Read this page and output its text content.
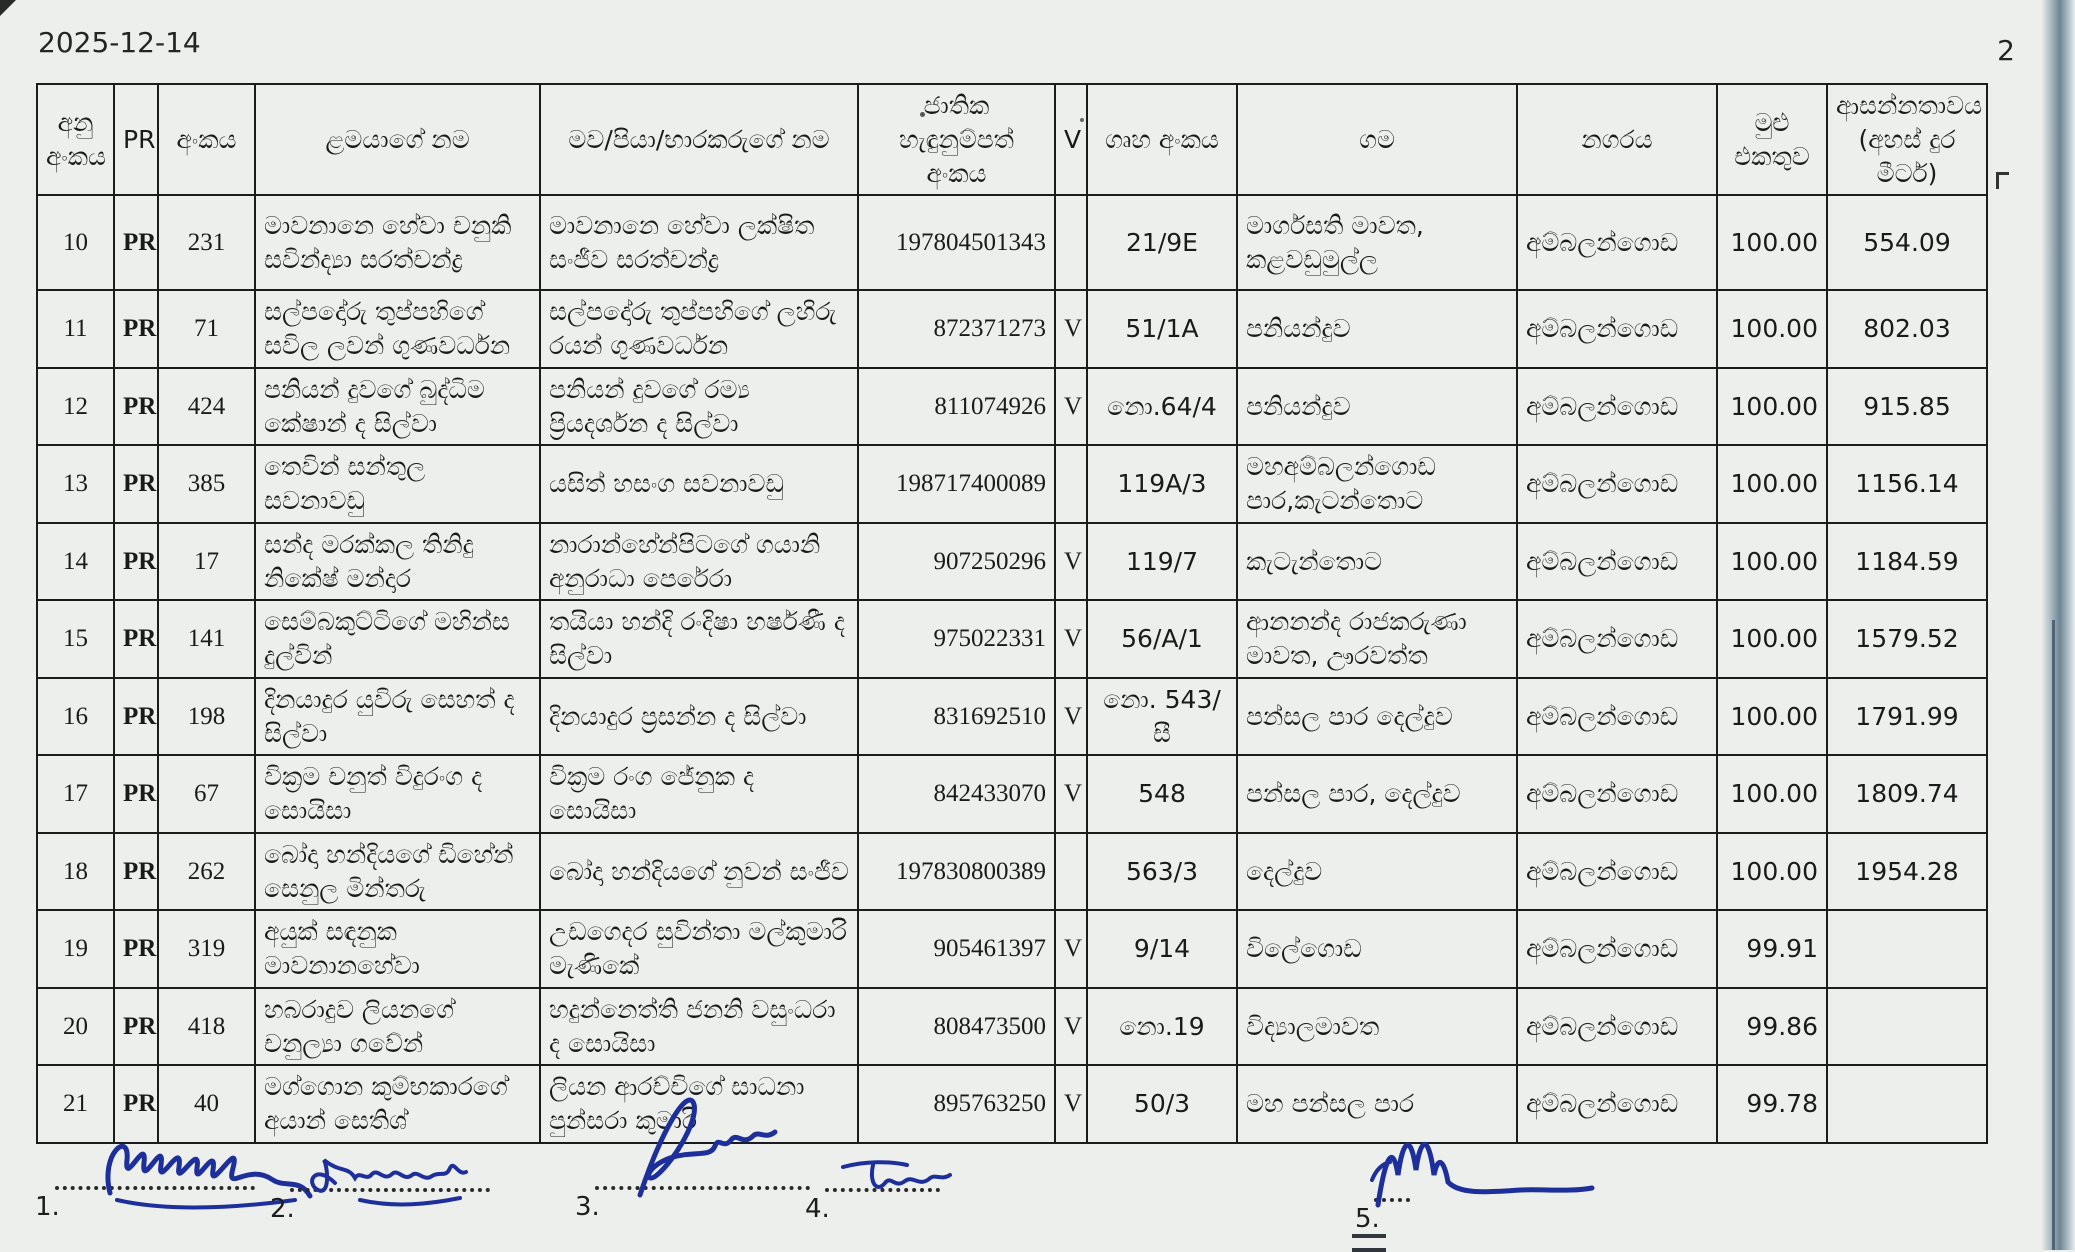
2025-12-14	2
අනු අංකය	PR	අංකය	ළමයාගේ නම	මව/පියා/භාරකරුගේ නම	ජාතික හැඳුනුම්පත් අංකය	V	ගෘහ අංකය	ගම	නගරය	මුළු එකතුව	ආසන්නතාවය (අහස් දුර මීටර්)
10	PR	231	මාවනානෙ හේවා චනුකි සවින්ද්‍යා සරත්චන්ද්‍ර	මාවනානෙ හේවා ලක්ෂිත සංජීව සරත්චන්ද්‍ර	197804501343		21/9E	මාර්ගසති මාවත, කළවඩුමුල්ල	අම්බලන්ගොඩ	100.00	554.09
11	PR	71	සල්පදෝරු තුප්පහිගේ සවිල ලවන් ගුණවර්ධන	සල්පදෝරු තුප්පහිගේ ලහිරු රයන් ගුණවර්ධන	872371273	V	51/1A	පනියන්දුව	අම්බලන්ගොඩ	100.00	802.03
12	PR	424	පනියන් දුවගේ බුද්ධිම කේෂාන් ද සිල්වා	පනියන් දුවගේ රම්‍ය ප්‍රියදර්ශන ද සිල්වා	811074926	V	නො.64/4	පනියන්දුව	අම්බලන්ගොඩ	100.00	915.85
13	PR	385	තෙවින් සන්තුල සවනාවඩු	යසිත් හසංග සවනාවඩු	198717400089		119A/3	මහඅම්බලන්ගොඩ පාර,කැටන්තොට	අම්බලන්ගොඩ	100.00	1156.14
14	PR	17	සන්ද මරක්කල තිනිදු නිකේෂ් මන්දාර	නාරාන්හේන්පිටගේ ගයානි අනුරාධා පෙරේරා	907250296	V	119/7	කැටැන්තොට	අම්බලන්ගොඩ	100.00	1184.59
15	PR	141	සෙම්බකුට්ටිගේ මහින්ස දුල්වින්	තයියා හන්දි රංදිෂා හර්ෂණී ද සිල්වා	975022331	V	56/A/1	ආනනන්ද රාජකරුණා මාවත, ඌරවත්ත	අම්බලන්ගොඩ	100.00	1579.52
16	PR	198	දිනයාදුර යුවිරු සෙහත් ද සිල්වා	දිනයාදුර ප්‍රසන්න ද සිල්වා	831692510	V	නො. 543/සී	පන්සල පාර දෙල්දුව	අම්බලන්ගොඩ	100.00	1791.99
17	PR	67	වික්‍රම චනුත් විදුරංග ද සොයිසා	වික්‍රම රංග ජේනුක ද සොයිසා	842433070	V	548	පන්සල පාර, දෙල්දුව	අම්බලන්ගොඩ	100.00	1809.74
18	PR	262	බෝදා හන්දියගේ ඩිහේන් සෙනුල මින්තරු	බෝදා හන්දියගේ නුවන් සංජීව	197830800389		563/3	දෙල්දුව	අම්බලන්ගොඩ	100.00	1954.28
19	PR	319	අයුක් සඳනුක මාවනානහේවා	උඩගෙදර සුවින්තා මල්කුමාරි මැණිකේ	905461397	V	9/14	විලේගොඩ	අම්බලන්ගොඩ	99.91	
20	PR	418	හබරාදුව ලියනගේ චනුල්‍යා ගවේන්	හදුන්නෙත්ති ජනනි වසුංධරා ද සොයිසා	808473500	V	නො.19	විද්‍යාලමාවත	අම්බලන්ගොඩ	99.86	
21	PR	40	මග්ගොන කුම්භකාරගේ අයාන් සෙතිශ්	ලියන ආරච්චිගේ සාධනා පුන්සරා කුමාරි	895763250	V	50/3	මහ පන්සල පාර	අම්බලන්ගොඩ	99.78	
1.	2.	3.	4.	5.
